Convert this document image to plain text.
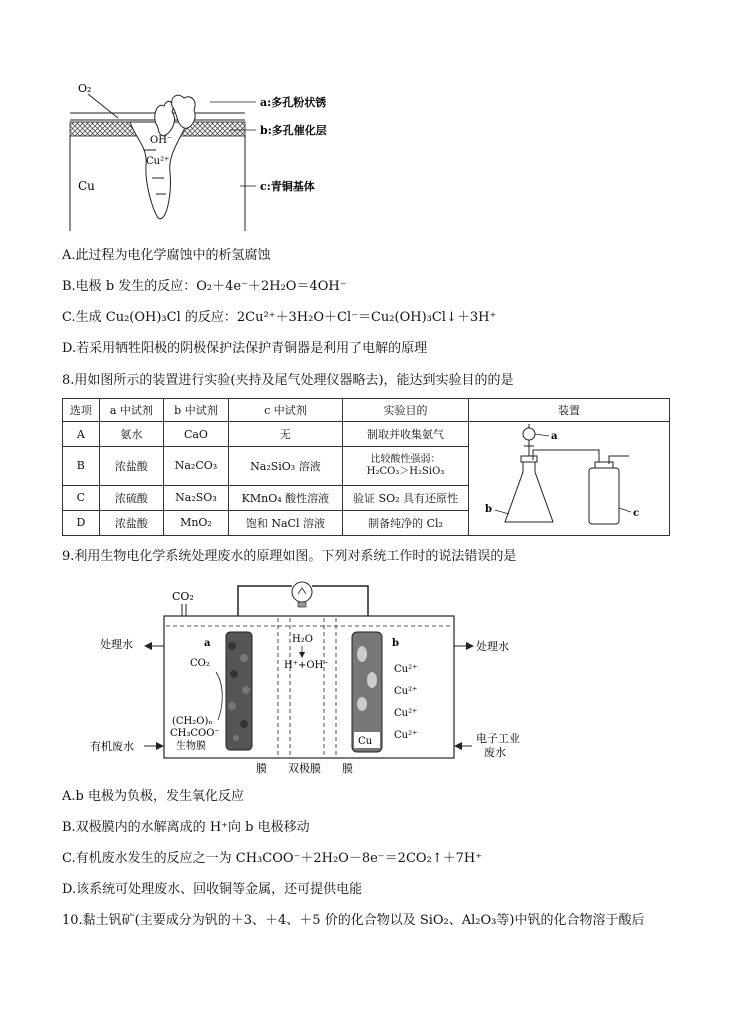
O₂
OH⁻
Cu²⁺
Cu
a:多孔粉状锈
b:多孔催化层
c:青铜基体
A.此过程为电化学腐蚀中的析氢腐蚀
B.电极 b 发生的反应：O₂＋4e⁻＋2H₂O＝4OH⁻
C.生成 Cu₂(OH)₃Cl 的反应：2Cu²⁺＋3H₂O＋Cl⁻＝Cu₂(OH)₃Cl↓＋3H⁺
D.若采用牺牲阳极的阴极保护法保护青铜器是利用了电解的原理
8.用如图所示的装置进行实验(夹持及尾气处理仪器略去)，能达到实验目的的是
选项	a 中试剂	b 中试剂	c 中试剂	实验目的	装置
A	氨水	CaO	无	制取并收集氨气	a
b c

B	浓盐酸	Na₂CO₃	Na₂SiO₃ 溶液	比较酸性强弱：
H₂CO₃＞H₂SiO₃	

C	浓硫酸	Na₂SO₃	KMnO₄ 酸性溶液	验证 SO₂ 具有还原性	
D	浓盐酸	MnO₂	饱和 NaCl 溶液	制备纯净的 Cl₂	
9.利用生物电化学系统处理废水的原理如图。下列对系统工作时的说法错误的是
CO₂
a	b
处理水
有机废水
处理水
电子工业
废水
CO₂
(CH₂O)ₙ
CH₃COO⁻
生物膜
H₂O
H⁺+OH⁻	Cu²⁺
Cu²⁺
Cu²⁺
Cu²⁺
Cu
膜 双极膜 膜
A.b 电极为负极，发生氧化反应
B.双极膜内的水解离成的 H⁺向 b 电极移动
C.有机废水发生的反应之一为 CH₃COO⁻＋2H₂O－8e⁻＝2CO₂↑＋7H⁺
D.该系统可处理废水、回收铜等金属，还可提供电能
10.黏土钒矿(主要成分为钒的＋3、＋4、＋5 价的化合物以及 SiO₂、Al₂O₃等)中钒的化合物溶于酸后
